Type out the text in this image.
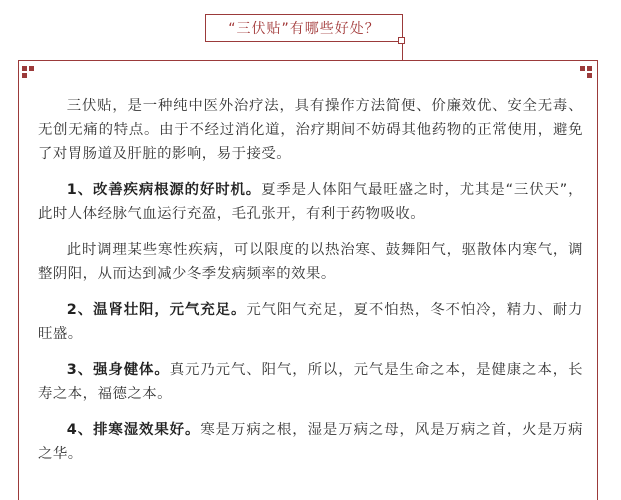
“三伏贴”有哪些好处？

三伏贴，是一种纯中医外治疗法，具有操作方法简便、价廉效优、安全无毒、无创无痛的特点。由于不经过消化道，治疗期间不妨碍其他药物的正常使用，避免了对胃肠道及肝脏的影响，易于接受。

1、改善疾病根源的好时机。夏季是人体阳气最旺盛之时，尤其是“三伏天”，此时人体经脉气血运行充盈，毛孔张开，有利于药物吸收。

此时调理某些寒性疾病，可以限度的以热治寒、鼓舞阳气，驱散体内寒气，调整阴阳，从而达到减少冬季发病频率的效果。

2、温肾壮阳，元气充足。元气阳气充足，夏不怕热，冬不怕冷，精力、耐力旺盛。

3、强身健体。真元乃元气、阳气，所以，元气是生命之本，是健康之本，长寿之本，福德之本。

4、排寒湿效果好。寒是万病之根，湿是万病之母，风是万病之首，火是万病之华。
